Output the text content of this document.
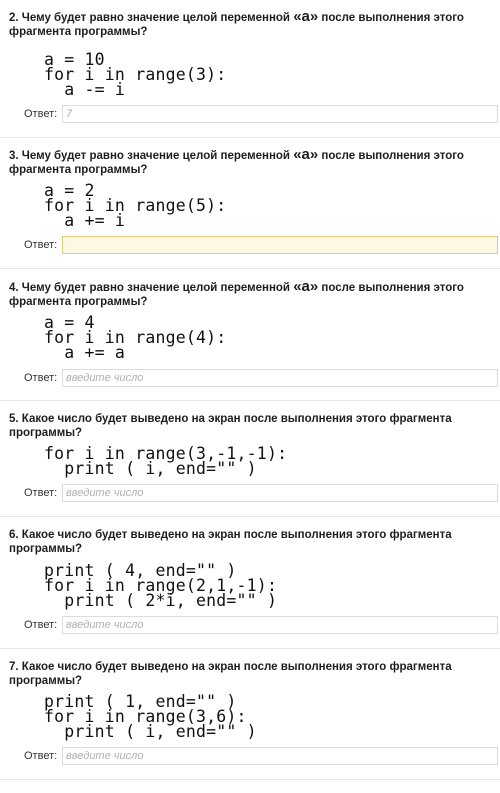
2. Чему будет равно значение целой переменной «a» после выполнения этого фрагмента программы?
a = 10
for i in range(3):
a -= i
Ответ:
7
3. Чему будет равно значение целой переменной «a» после выполнения этого фрагмента программы?
a = 2
for i in range(5):
a += i
Ответ:
4. Чему будет равно значение целой переменной «a» после выполнения этого фрагмента программы?
a = 4
for i in range(4):
a += a
Ответ:
введите число
5. Какое число будет выведено на экран после выполнения этого фрагмента программы?
for i in range(3,-1,-1):
print ( i, end="" )
Ответ:
введите число
6. Какое число будет выведено на экран после выполнения этого фрагмента программы?
print ( 4, end="" )
for i in range(2,1,-1):
print ( 2*i, end="" )
Ответ:
введите число
7. Какое число будет выведено на экран после выполнения этого фрагмента программы?
print ( 1, end="" )
for i in range(3,6):
print ( i, end="" )
Ответ:
введите число
